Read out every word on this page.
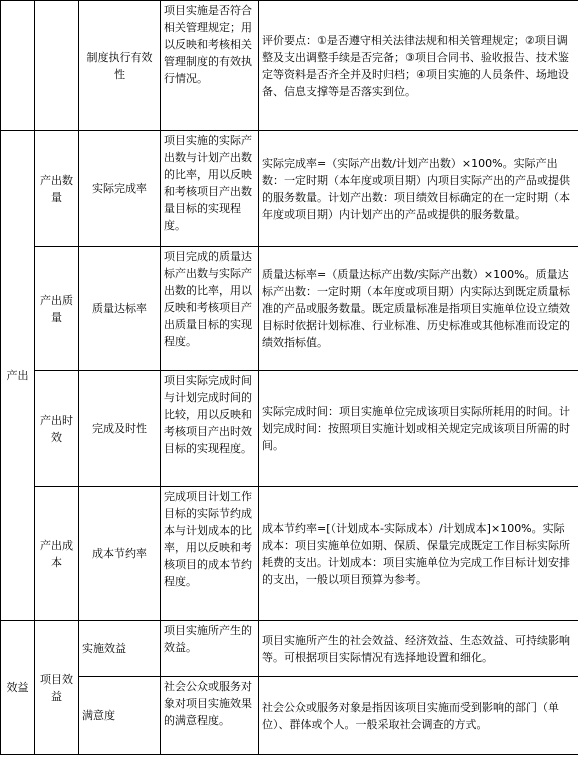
		制度执行有效性	项目实施是否符合相关管理规定；用以反映和考核相关管理制度的有效执行情况。	评价要点：①是否遵守相关法律法规和相关管理规定；②项目调整及支出调整手续是否完备；③项目合同书、验收报告、技术鉴定等资料是否齐全并及时归档；④项目实施的人员条件、场地设备、信息支撑等是否落实到位。
产出	产出数量	实际完成率	项目实施的实际产出数与计划产出数的比率，用以反映和考核项目产出数量目标的实现程度。	实际完成率=（实际产出数/计划产出数）×100%。实际产出数：一定时期（本年度或项目期）内项目实际产出的产品或提供的服务数量。计划产出数：项目绩效目标确定的在一定时期（本年度或项目期）内计划产出的产品或提供的服务数量。
	产出质量	质量达标率	项目完成的质量达标产出数与实际产出数的比率，用以反映和考核项目产出质量目标的实现程度。	质量达标率=（质量达标产出数/实际产出数）×100%。质量达标产出数：一定时期（本年度或项目期）内实际达到既定质量标准的产品或服务数量。既定质量标准是指项目实施单位设立绩效目标时依据计划标准、行业标准、历史标准或其他标准而设定的绩效指标值。
	产出时效	完成及时性	项目实际完成时间与计划完成时间的比较，用以反映和考核项目产出时效目标的实现程度。	实际完成时间：项目实施单位完成该项目实际所耗用的时间。计划完成时间：按照项目实施计划或相关规定完成该项目所需的时间。
	产出成本	成本节约率	完成项目计划工作目标的实际节约成本与计划成本的比率，用以反映和考核项目的成本节约程度。	成本节约率=[（计划成本-实际成本）/计划成本]×100%。实际成本：项目实施单位如期、保质、保量完成既定工作目标实际所耗费的支出。计划成本：项目实施单位为完成工作目标计划安排的支出，一般以项目预算为参考。
效益	项目效益	实施效益	项目实施所产生的效益。	项目实施所产生的社会效益、经济效益、生态效益、可持续影响等。可根据项目实际情况有选择地设置和细化。
		满意度	社会公众或服务对象对项目实施效果的满意程度。	社会公众或服务对象是指因该项目实施而受到影响的部门（单位）、群体或个人。一般采取社会调查的方式。
